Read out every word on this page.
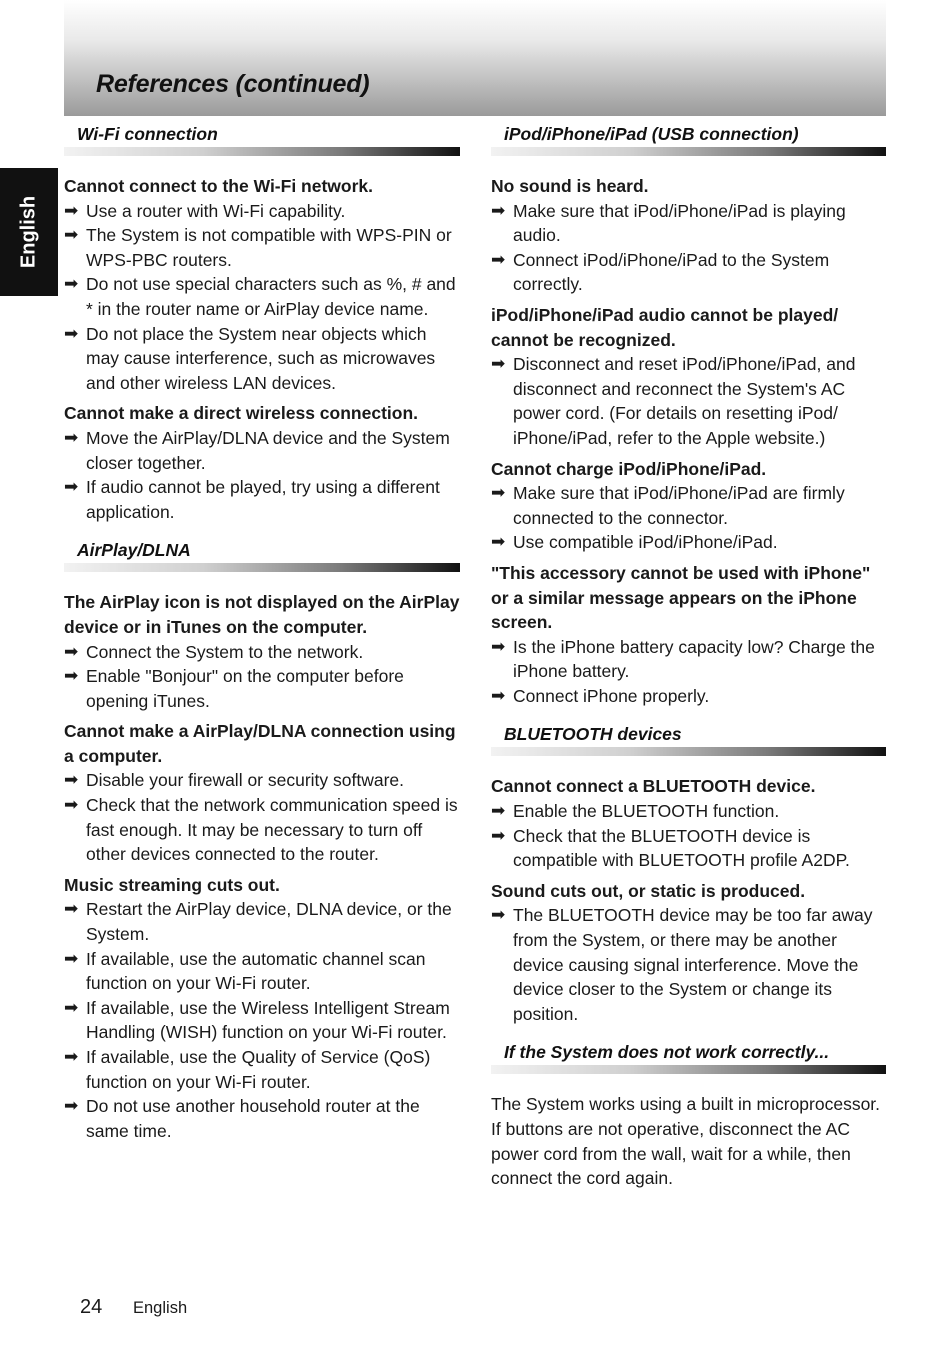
References (continued)
English
Wi-Fi connection
Cannot connect to the Wi-Fi network.
➡ Use a router with Wi-Fi capability.
➡ The System is not compatible with WPS-PIN or WPS-PBC routers.
➡ Do not use special characters such as %, # and * in the router name or AirPlay device name.
➡ Do not place the System near objects which may cause interference, such as microwaves and other wireless LAN devices.
Cannot make a direct wireless connection.
➡ Move the AirPlay/DLNA device and the System closer together.
➡ If audio cannot be played, try using a different application.
AirPlay/DLNA
The AirPlay icon is not displayed on the AirPlay device or in iTunes on the computer.
➡ Connect the System to the network.
➡ Enable "Bonjour" on the computer before opening iTunes.
Cannot make a AirPlay/DLNA connection using a computer.
➡ Disable your firewall or security software.
➡ Check that the network communication speed is fast enough. It may be necessary to turn off other devices connected to the router.
Music streaming cuts out.
➡ Restart the AirPlay device, DLNA device, or the System.
➡ If available, use the automatic channel scan function on your Wi-Fi router.
➡ If available, use the Wireless Intelligent Stream Handling (WISH) function on your Wi-Fi router.
➡ If available, use the Quality of Service (QoS) function on your Wi-Fi router.
➡ Do not use another household router at the same time.
iPod/iPhone/iPad (USB connection)
No sound is heard.
➡ Make sure that iPod/iPhone/iPad is playing audio.
➡ Connect iPod/iPhone/iPad to the System correctly.
iPod/iPhone/iPad audio cannot be played/ cannot be recognized.
➡ Disconnect and reset iPod/iPhone/iPad, and disconnect and reconnect the System's AC power cord. (For details on resetting iPod/ iPhone/iPad, refer to the Apple website.)
Cannot charge iPod/iPhone/iPad.
➡ Make sure that iPod/iPhone/iPad are firmly connected to the connector.
➡ Use compatible iPod/iPhone/iPad.
"This accessory cannot be used with iPhone" or a similar message appears on the iPhone screen.
➡ Is the iPhone battery capacity low? Charge the iPhone battery.
➡ Connect iPhone properly.
BLUETOOTH devices
Cannot connect a BLUETOOTH device.
➡ Enable the BLUETOOTH function.
➡ Check that the BLUETOOTH device is compatible with BLUETOOTH profile A2DP.
Sound cuts out, or static is produced.
➡ The BLUETOOTH device may be too far away from the System, or there may be another device causing signal interference. Move the device closer to the System or change its position.
If the System does not work correctly...
The System works using a built in microprocessor. If buttons are not operative, disconnect the AC power cord from the wall, wait for a while, then connect the cord again.
24 English
